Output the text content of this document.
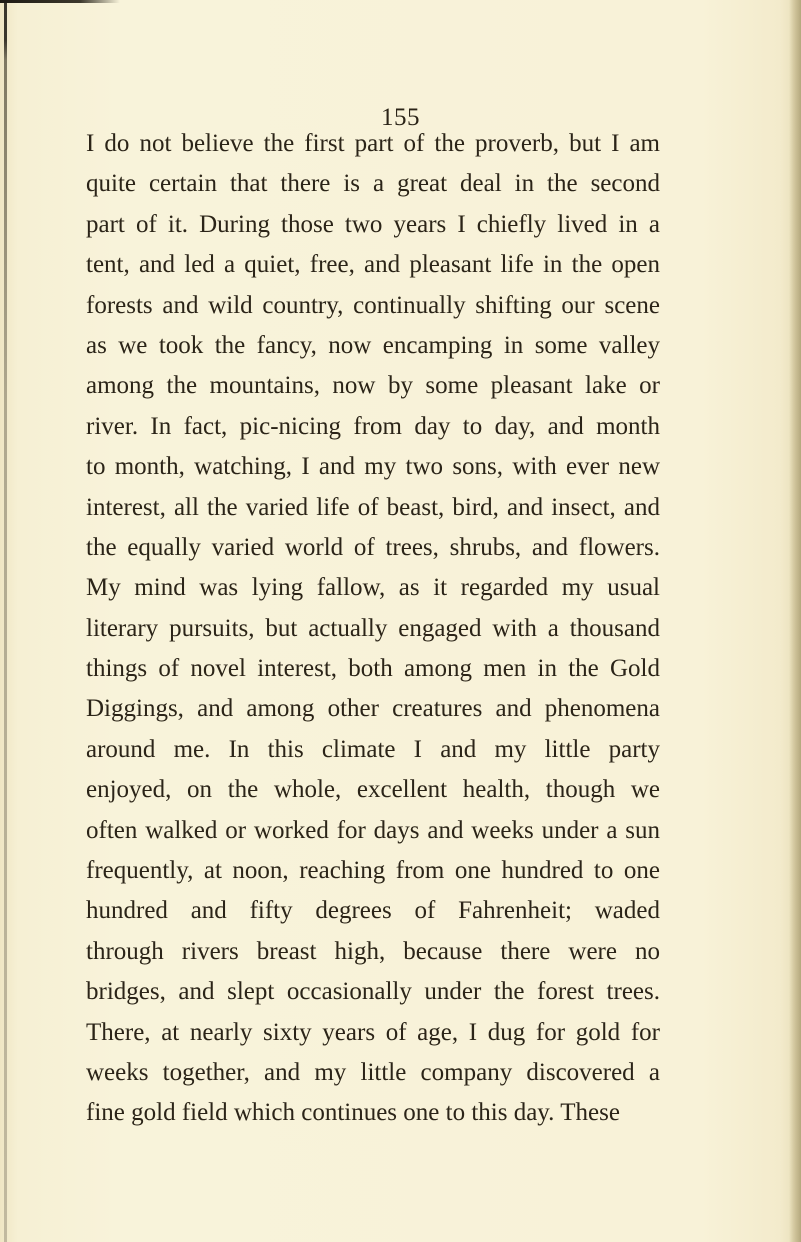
155
I do not believe the first part of the proverb, but I am
quite certain that there is a great deal in the second
part of it. During those two years I chiefly lived in a
tent, and led a quiet, free, and pleasant life in the open
forests and wild country, continually shifting our scene
as we took the fancy, now encamping in some valley
among the mountains, now by some pleasant lake or
river. In fact, pic-nicing from day to day, and month
to month, watching, I and my two sons, with ever new
interest, all the varied life of beast, bird, and insect, and
the equally varied world of trees, shrubs, and flowers.
My mind was lying fallow, as it regarded my usual
literary pursuits, but actually engaged with a thousand
things of novel interest, both among men in the Gold
Diggings, and among other creatures and phenomena
around me. In this climate I and my little party
enjoyed, on the whole, excellent health, though we
often walked or worked for days and weeks under a sun
frequently, at noon, reaching from one hundred to one
hundred and fifty degrees of Fahrenheit; waded
through rivers breast high, because there were no
bridges, and slept occasionally under the forest trees.
There, at nearly sixty years of age, I dug for gold for
weeks together, and my little company discovered a
fine gold field which continues one to this day. These
